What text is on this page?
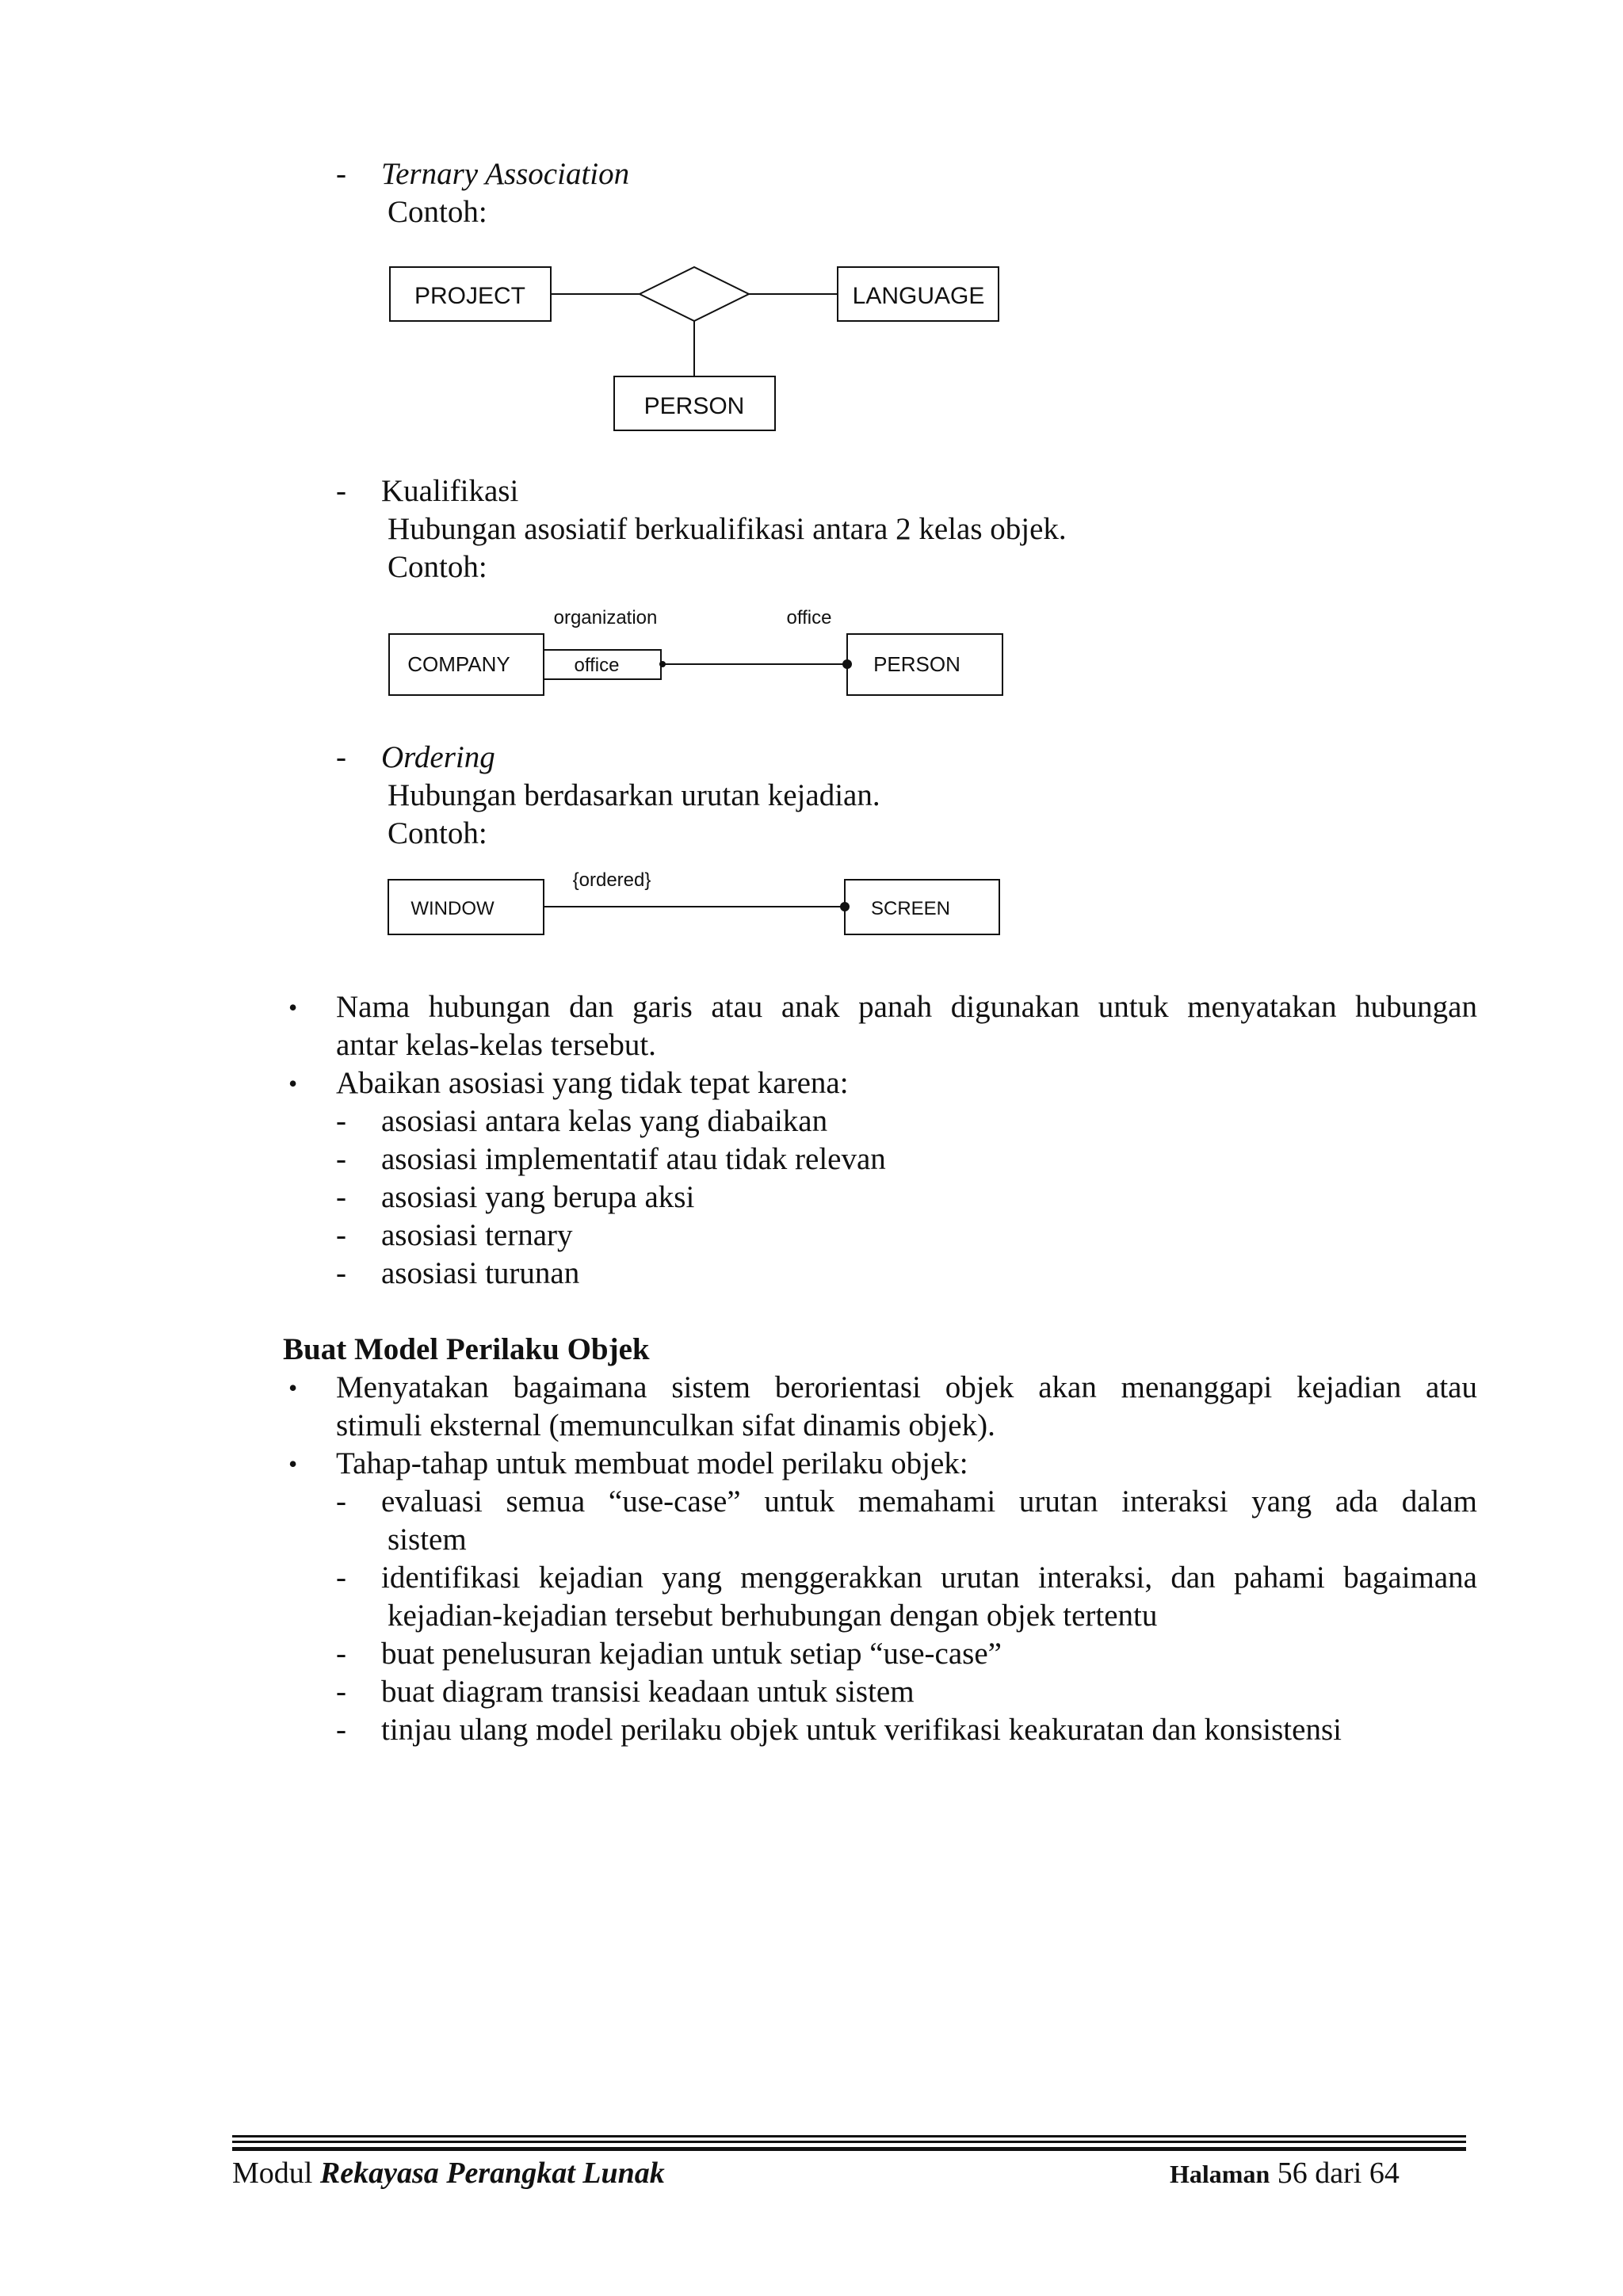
- Ternary Association
Contoh:
PROJECT	LANGUAGE
PERSON
- Kualifikasi
Hubungan asosiatif berkualifikasi antara 2 kelas objek.
Contoh:
organization	office
COMPANY	office	PERSON
- Ordering
Hubungan berdasarkan urutan kejadian.
Contoh:
{ordered}
WINDOW	SCREEN
• Nama hubungan dan garis atau anak panah digunakan untuk menyatakan hubungan
antar kelas-kelas tersebut.
• Abaikan asosiasi yang tidak tepat karena:
- asosiasi antara kelas yang diabaikan
- asosiasi implementatif atau tidak relevan
- asosiasi yang berupa aksi
- asosiasi ternary
- asosiasi turunan
Buat Model Perilaku Objek
• Menyatakan bagaimana sistem berorientasi objek akan menanggapi kejadian atau
stimuli eksternal (memunculkan sifat dinamis objek).
• Tahap-tahap untuk membuat model perilaku objek:
- evaluasi semua “use-case” untuk memahami urutan interaksi yang ada dalam
sistem
- identifikasi kejadian yang menggerakkan urutan interaksi, dan pahami bagaimana
kejadian-kejadian tersebut berhubungan dengan objek tertentu
- buat penelusuran kejadian untuk setiap “use-case”
- buat diagram transisi keadaan untuk sistem
- tinjau ulang model perilaku objek untuk verifikasi keakuratan dan konsistensi
Modul Rekayasa Perangkat Lunak	Halaman 56 dari 64
